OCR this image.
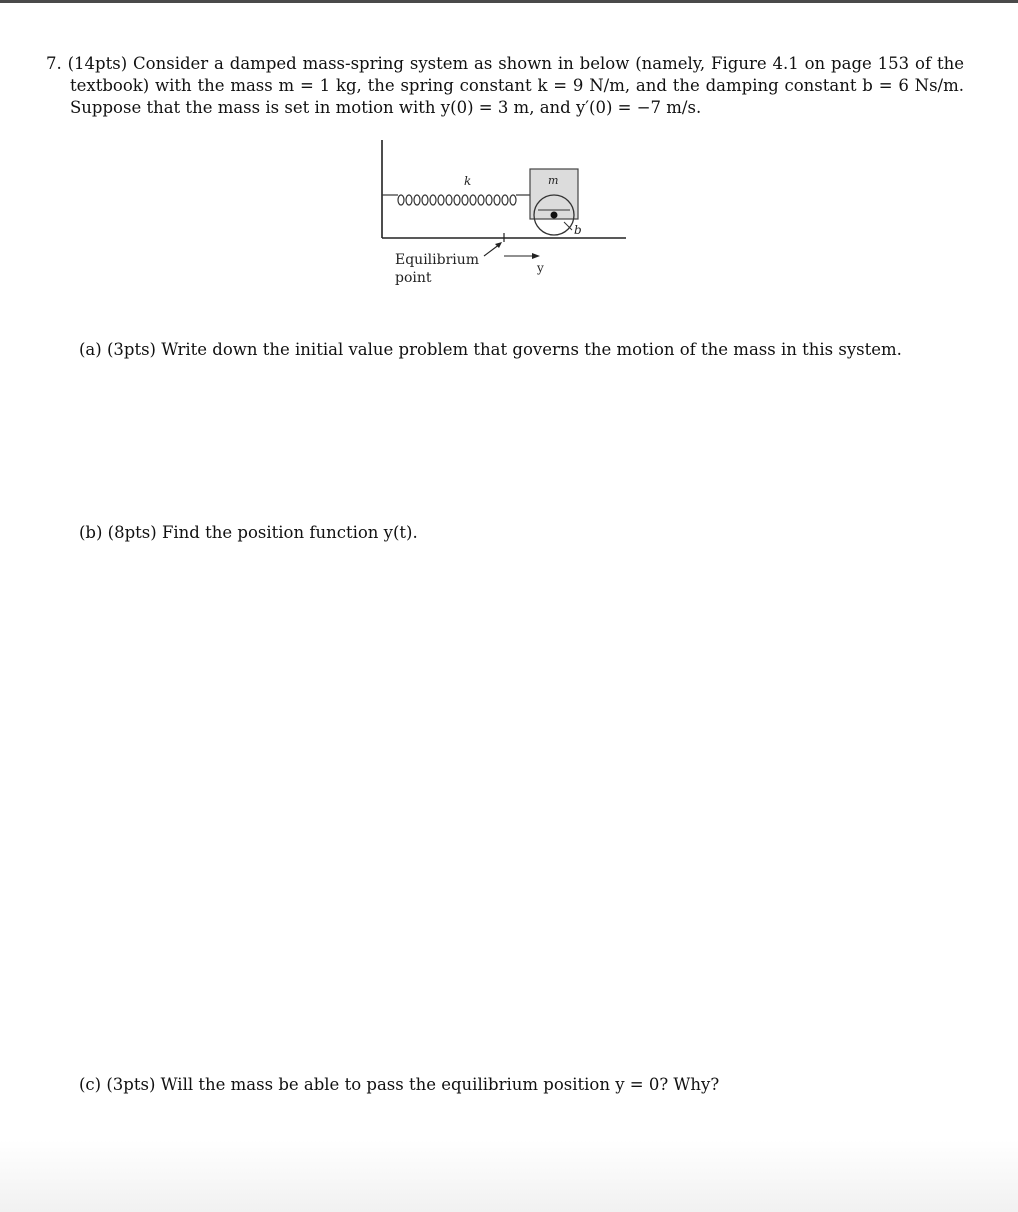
7. (14pts) Consider a damped mass-spring system as shown in below (namely, Figure 4.1 on page 153 of the
textbook) with the mass m = 1 kg, the spring constant k = 9 N/m, and the damping constant b = 6 Ns/m.
Suppose that the mass is set in motion with y(0) = 3 m, and y′(0) = −7 m/s.
k	m
b
Equilibrium
point
y
(a) (3pts) Write down the initial value problem that governs the motion of the mass in this system.
(b) (8pts) Find the position function y(t).
(c) (3pts) Will the mass be able to pass the equilibrium position y = 0? Why?
